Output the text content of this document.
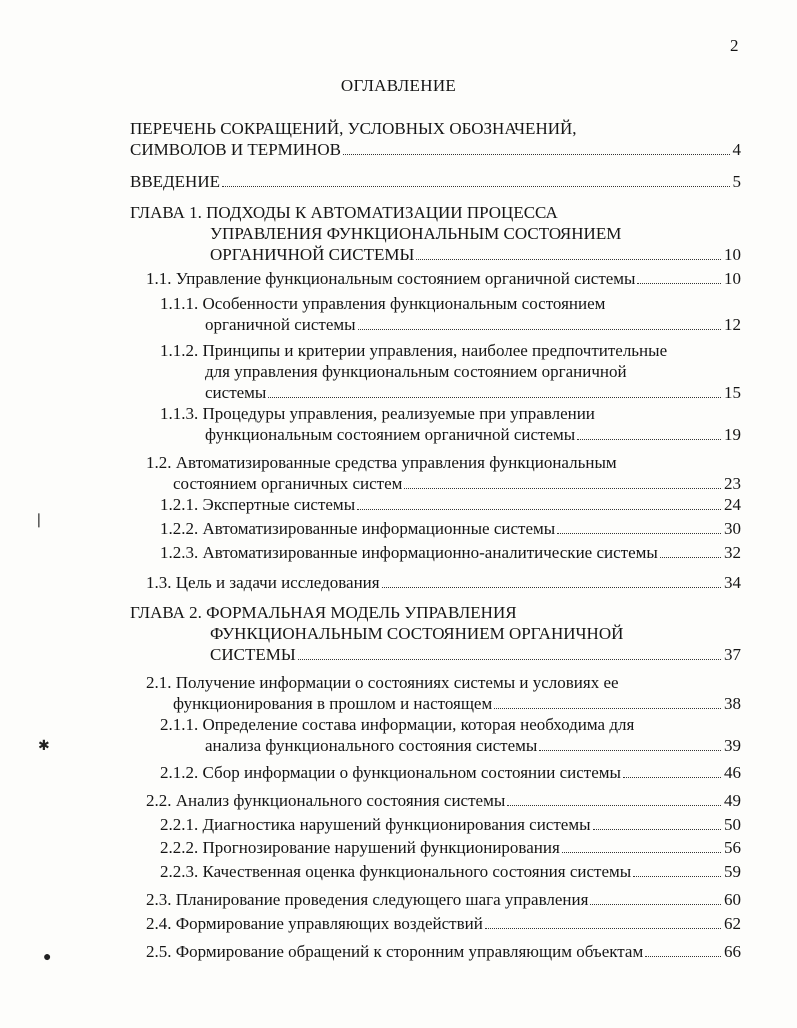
2
ОГЛАВЛЕНИЕ
ПЕРЕЧЕНЬ СОКРАЩЕНИЙ, УСЛОВНЫХ ОБОЗНАЧЕНИЙ,
СИМВОЛОВ И ТЕРМИНОВ	4
ВВЕДЕНИЕ	5
ГЛАВА 1. ПОДХОДЫ К АВТОМАТИЗАЦИИ ПРОЦЕССА
УПРАВЛЕНИЯ ФУНКЦИОНАЛЬНЫМ СОСТОЯНИЕМ
ОРГАНИЧНОЙ СИСТЕМЫ	10
1.1. Управление функциональным состоянием органичной системы	10
1.1.1. Особенности управления функциональным состоянием
органичной системы	12
1.1.2. Принципы и критерии управления, наиболее предпочтительные
для управления функциональным состоянием органичной
системы	15
1.1.3. Процедуры управления, реализуемые при управлении
функциональным состоянием органичной системы	19
1.2. Автоматизированные средства управления функциональным
состоянием органичных систем	23
1.2.1. Экспертные системы	24
1.2.2. Автоматизированные информационные системы	30
1.2.3. Автоматизированные информационно-аналитические системы	32
1.3. Цель и задачи исследования	34
ГЛАВА 2. ФОРМАЛЬНАЯ МОДЕЛЬ УПРАВЛЕНИЯ
ФУНКЦИОНАЛЬНЫМ СОСТОЯНИЕМ ОРГАНИЧНОЙ
СИСТЕМЫ	37
2.1. Получение информации о состояниях системы и условиях ее
функционирования в прошлом и настоящем	38
2.1.1. Определение состава информации, которая необходима для
анализа функционального состояния системы	39
2.1.2. Сбор информации о функциональном состоянии системы	46
2.2. Анализ функционального состояния системы	49
2.2.1. Диагностика нарушений функционирования системы	50
2.2.2. Прогнозирование нарушений функционирования	56
2.2.3. Качественная оценка функционального состояния системы	59
2.3. Планирование проведения следующего шага управления	60
2.4. Формирование управляющих воздействий	62
2.5. Формирование обращений к сторонним управляющим объектам	66
❘
✱
●
